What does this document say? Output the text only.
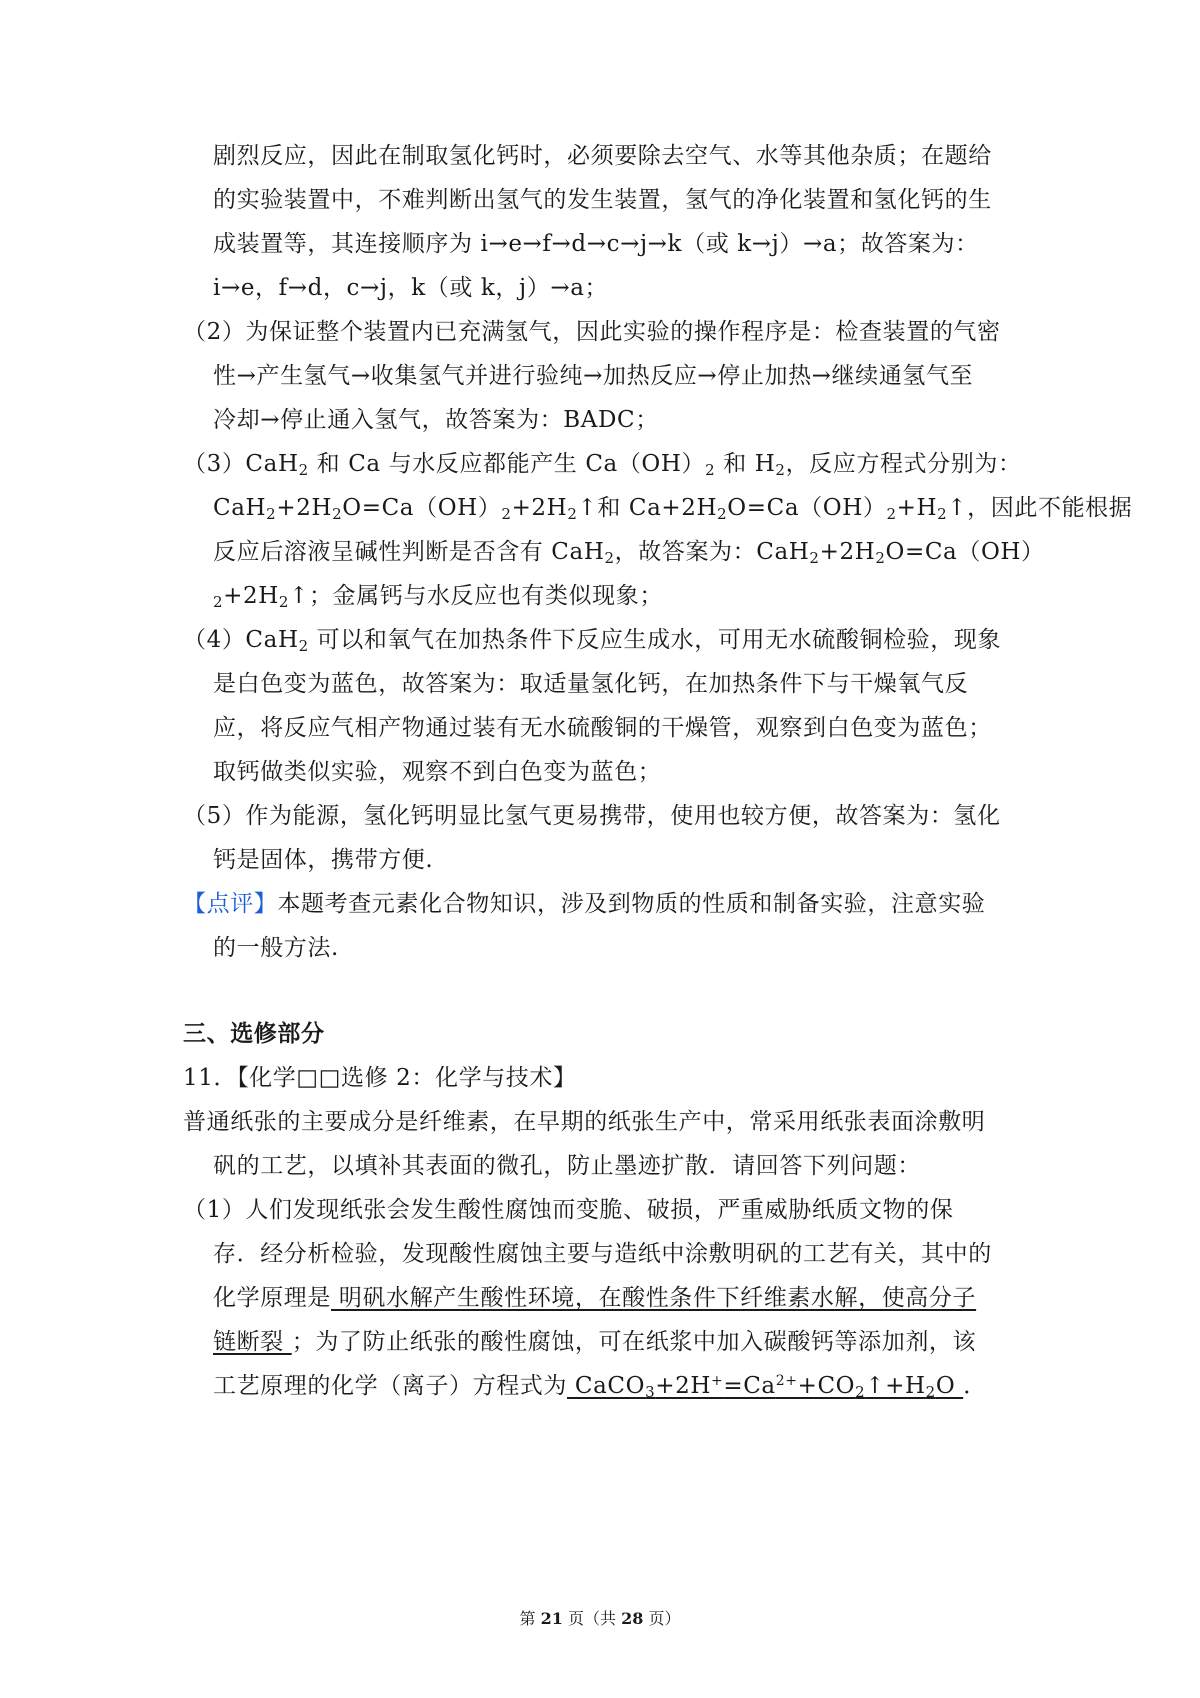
剧烈反应，因此在制取氢化钙时，必须要除去空气、水等其他杂质；在题给
的实验装置中，不难判断出氢气的发生装置，氢气的净化装置和氢化钙的生
成装置等，其连接顺序为 i→e→f→d→c→j→k（或 k→j）→a；故答案为：
i→e，f→d，c→j，k（或 k，j）→a；
（2）为保证整个装置内已充满氢气，因此实验的操作程序是：检查装置的气密
性→产生氢气→收集氢气并进行验纯→加热反应→停止加热→继续通氢气至
冷却→停止通入氢气，故答案为：BADC；
（3）CaH$_2$ 和 Ca 与水反应都能产生 $Ca(OH)_2$ 和 $H_2$，反应方程式分别为：
$CaH_2+2H_2O=Ca(OH)_2+2H_2↑$和 $Ca+2H_2O=Ca(OH)_2+H_2↑$，因此不能根据
反应后溶液呈碱性判断是否含有 CaH$_2$，故答案为：$CaH_2+2H_2O=Ca(OH)$
$_2+2H_2↑$；金属钙与水反应也有类似现象；
（4）CaH$_2$ 可以和氧气在加热条件下反应生成水，可用无水硫酸铜检验，现象
是白色变为蓝色，故答案为：取适量氢化钙，在加热条件下与干燥氧气反
应，将反应气相产物通过装有无水硫酸铜的干燥管，观察到白色变为蓝色；
取钙做类似实验，观察不到白色变为蓝色；
（5）作为能源，氢化钙明显比氢气更易携带，使用也较方便，故答案为：氢化
钙是固体，携带方便.
【点评】本题考查元素化合物知识，涉及到物质的性质和制备实验，注意实验
的一般方法.
三、选修部分
11．【化学□□选修 2：化学与技术】
普通纸张的主要成分是纤维素，在早期的纸张生产中，常采用纸张表面涂敷明
矾的工艺，以填补其表面的微孔，防止墨迹扩散．请回答下列问题：
（1）人们发现纸张会发生酸性腐蚀而变脆、破损，严重威胁纸质文物的保
存．经分析检验，发现酸性腐蚀主要与造纸中涂敷明矾的工艺有关，其中的
化学原理是 明矾水解产生酸性环境，在酸性条件下纤维素水解，使高分子
链断裂 ；为了防止纸张的酸性腐蚀，可在纸浆中加入碳酸钙等添加剂，该
工艺原理的化学（离子）方程式为 $CaCO_3+2H^+=Ca^{2+}+CO_2↑+H_2O$ ．
第 21 页（共 28 页）
